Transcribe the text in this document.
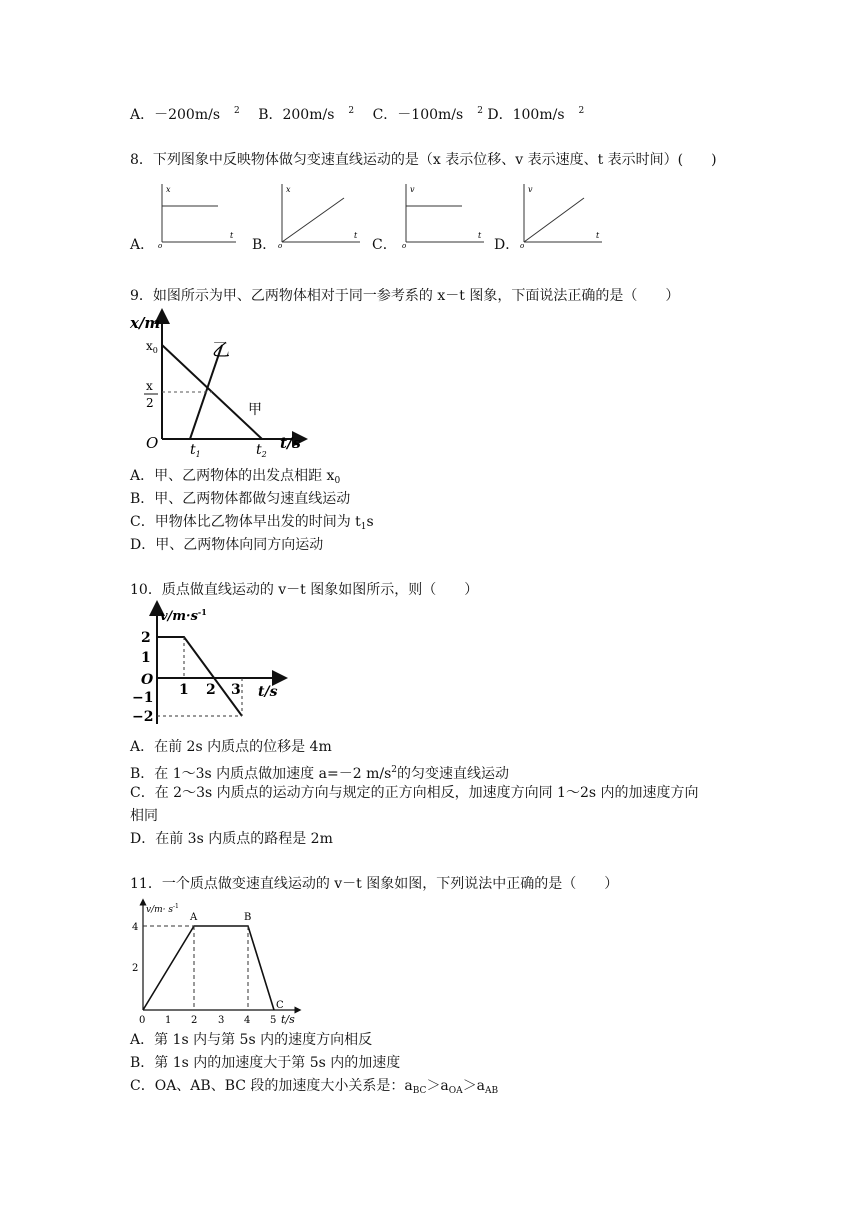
A．－200m/s $^2$ B．200m/s $^2$ C．－100m/s $^2$ D．100m/s $^2$
8．下列图象中反映物体做匀变速直线运动的是（x 表示位移、v 表示速度、t 表示时间）(　　)
A．
x
o
t
B．
x
o
t
C．
v
o
t
D．
v
o
t
9．如图所示为甲、乙两物体相对于同一参考系的 x－t 图象，下面说法正确的是（　　）
x/m
$x_0$
x
2
O $t_1$	$t_2$
t/s
乙
甲
A．甲、乙两物体的出发点相距 $x_0$
B．甲、乙两物体都做匀速直线运动
C．甲物体比乙物体早出发的时间为 $t_1s$
D．甲、乙两物体向同方向运动
10．质点做直线运动的 v－t 图象如图所示，则（　　）
$v/m\cdot s^{-1}$
2
1
O
−1
−2
1 2 3 t/s
A．在前 2s 内质点的位移是 4m
B．在 1～3s 内质点做加速度 a=－2 $m/s^2$的匀变速直线运动
C．在 2～3s 内质点的运动方向与规定的正方向相反，加速度方向同 1～2s 内的加速度方向
相同
D．在前 3s 内质点的路程是 2m
11．一个质点做变速直线运动的 v－t 图象如图，下列说法中正确的是（　　）
$v/m\cdot s^{-1}$
4
2
0 1 2 3 4 5 t/s
A	B
C
A．第 1s 内与第 5s 内的速度方向相反
B．第 1s 内的加速度大于第 5s 内的加速度
C．OA、AB、BC 段的加速度大小关系是：$a_{BC}>a_{OA}>a_{AB}$
